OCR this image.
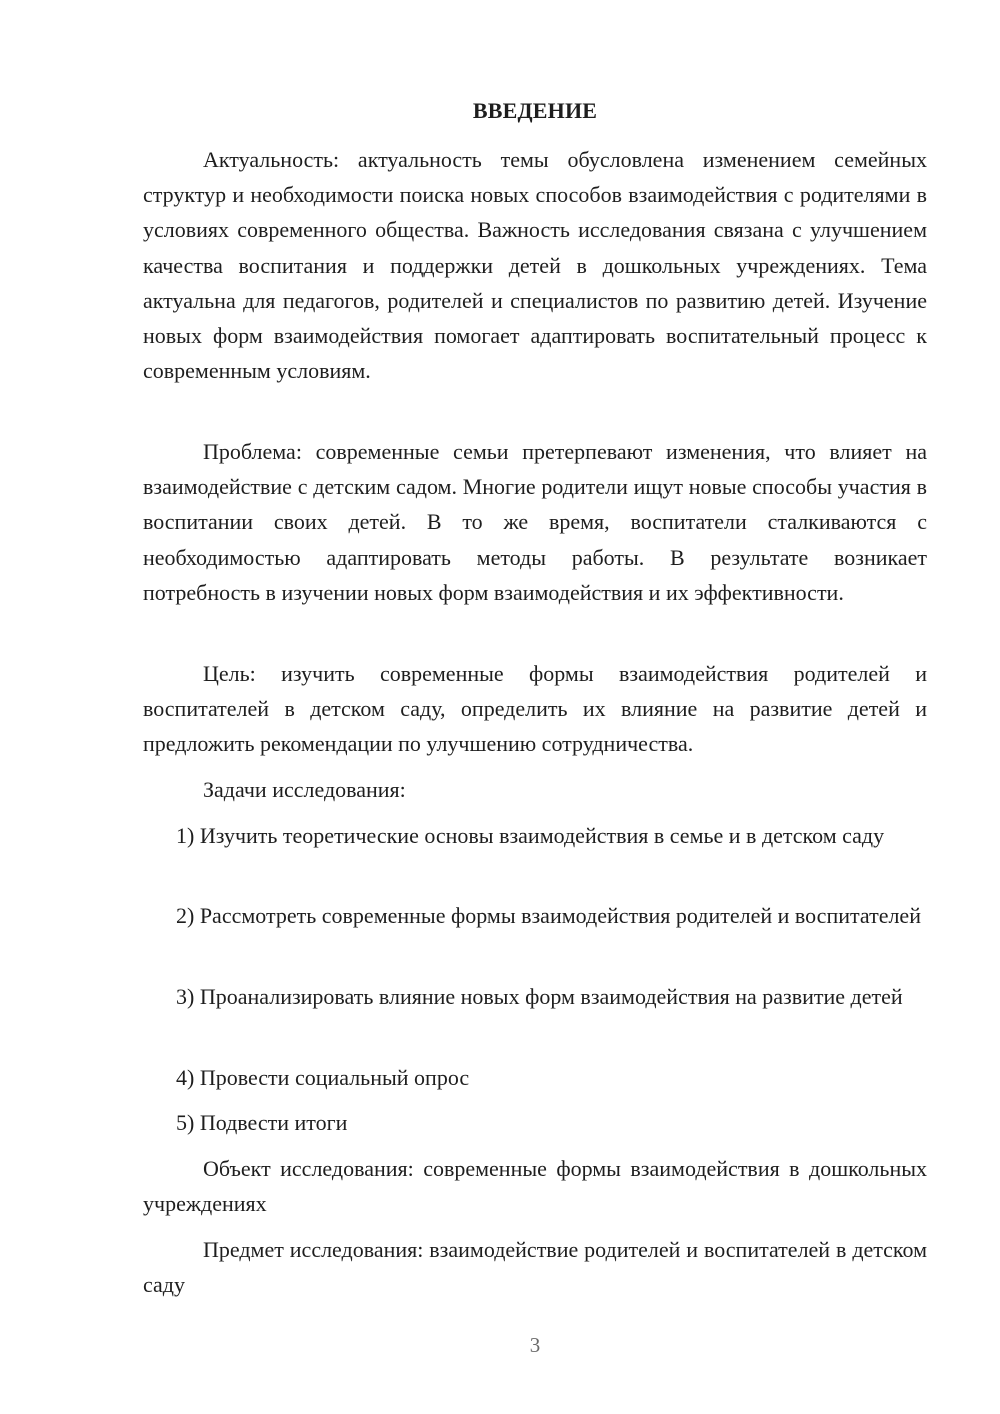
ВВЕДЕНИЕ

Актуальность: актуальность темы обусловлена изменением семейных структур и необходимости поиска новых способов взаимодействия с родителями в условиях современного общества. Важность исследования связана с улучшением качества воспитания и поддержки детей в дошкольных учреждениях. Тема актуальна для педагогов, родителей и специалистов по развитию детей. Изучение новых форм взаимодействия помогает адаптировать воспитательный процесс к современным условиям.

Проблема: современные семьи претерпевают изменения, что влияет на взаимодействие с детским садом. Многие родители ищут новые способы участия в воспитании своих детей. В то же время, воспитатели сталкиваются с необходимостью адаптировать методы работы. В результате возникает потребность в изучении новых форм взаимодействия и их эффективности.

Цель: изучить современные формы взаимодействия родителей и воспитателей в детском саду, определить их влияние на развитие детей и предложить рекомендации по улучшению сотрудничества.

Задачи исследования:

1) Изучить теоретические основы взаимодействия в семье и в детском саду

2) Рассмотреть современные формы взаимодействия родителей и воспитателей

3) Проанализировать влияние новых форм взаимодействия на развитие детей

4) Провести социальный опрос

5) Подвести итоги

Объект исследования: современные формы взаимодействия в дошкольных учреждениях

Предмет исследования: взаимодействие родителей и воспитателей в детском саду

3
